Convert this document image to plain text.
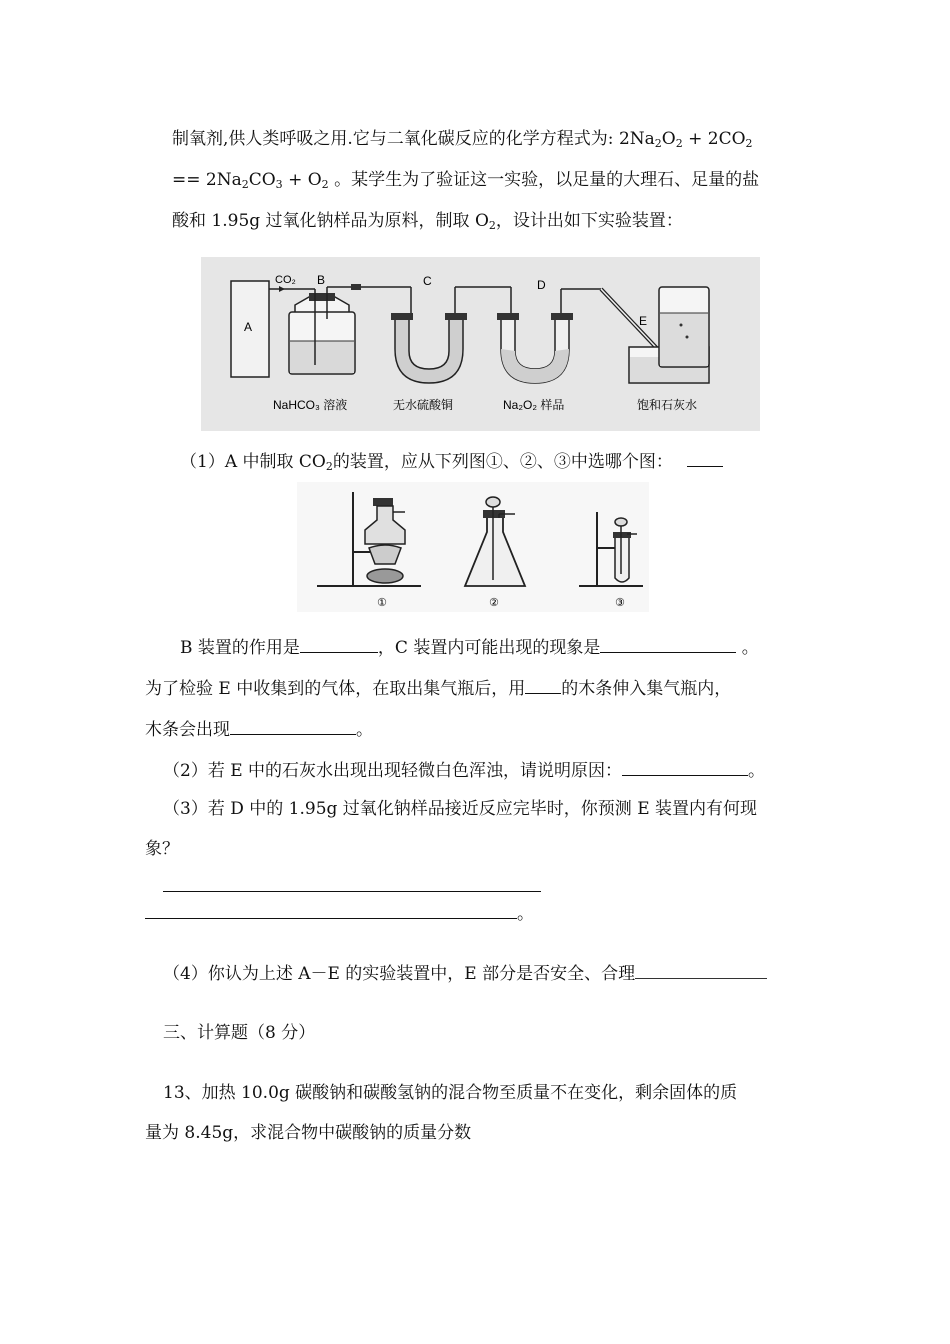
制氧剂,供人类呼吸之用.它与二氧化碳反应的化学方程式为: $2Na_2O_2 + 2CO_2$
== $2Na_2CO_3 + O_2$ 。某学生为了验证这一实验，以足量的大理石、足量的盐
酸和 1.95g 过氧化钠样品为原料，制取 $O_2$，设计出如下实验装置：
A
CO₂ B	C	D
E
NaHCO₃ 溶液	无水硫酸铜	Na₂O₂ 样品	饱和石灰水
（1）A 中制取 $CO_2$的装置，应从下列图①、②、③中选哪个图：
①	②	③
B 装置的作用是	，C 装置内可能出现的现象是	。
为了检验 E 中收集到的气体，在取出集气瓶后，用 的木条伸入集气瓶内，
木条会出现	。
（2）若 E 中的石灰水出现出现轻微白色浑浊，请说明原因：	。
（3）若 D 中的 1.95g 过氧化钠样品接近反应完毕时，你预测 E 装置内有何现
象？
。
（4）你认为上述 A－E 的实验装置中，E 部分是否安全、合理
三、计算题（8 分）
13、加热 10.0g 碳酸钠和碳酸氢钠的混合物至质量不在变化，剩余固体的质
量为 8.45g，求混合物中碳酸钠的质量分数
